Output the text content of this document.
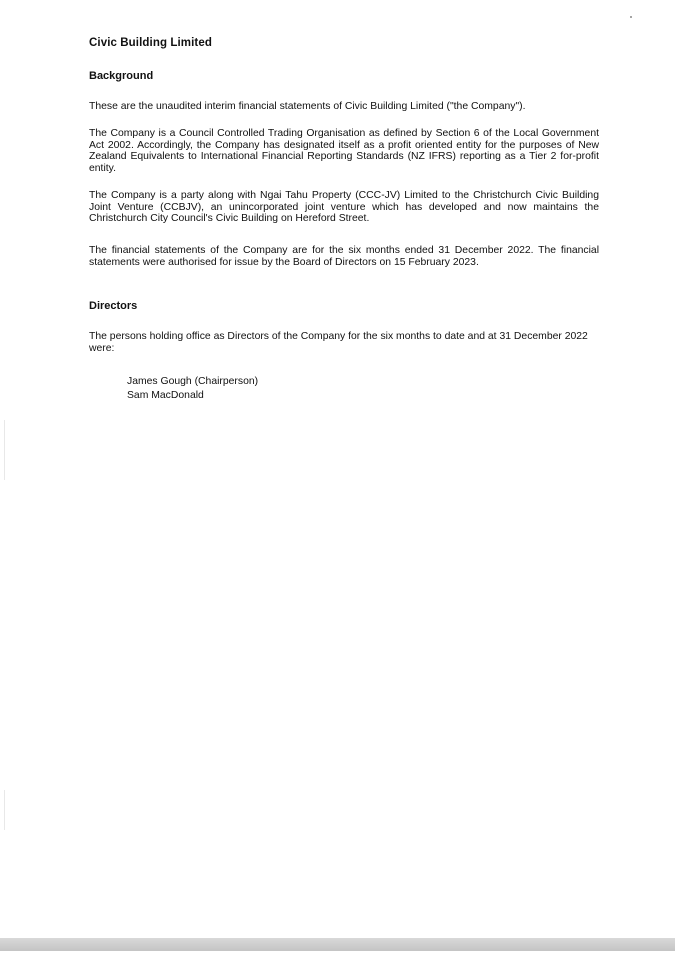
Civic Building Limited
Background
These are the unaudited interim financial statements of Civic Building Limited ("the Company").
The Company is a Council Controlled Trading Organisation as defined by Section 6 of the Local Government Act 2002. Accordingly, the Company has designated itself as a profit oriented entity for the purposes of New Zealand Equivalents to International Financial Reporting Standards (NZ IFRS) reporting as a Tier 2 for-profit entity.
The Company is a party along with Ngai Tahu Property (CCC-JV) Limited to the Christchurch Civic Building Joint Venture (CCBJV), an unincorporated joint venture which has developed and now maintains the Christchurch City Council's Civic Building on Hereford Street.
The financial statements of the Company are for the six months ended 31 December 2022. The financial statements were authorised for issue by the Board of Directors on 15 February 2023.
Directors
The persons holding office as Directors of the Company for the six months to date and at 31 December 2022 were:
James Gough (Chairperson)
Sam MacDonald
